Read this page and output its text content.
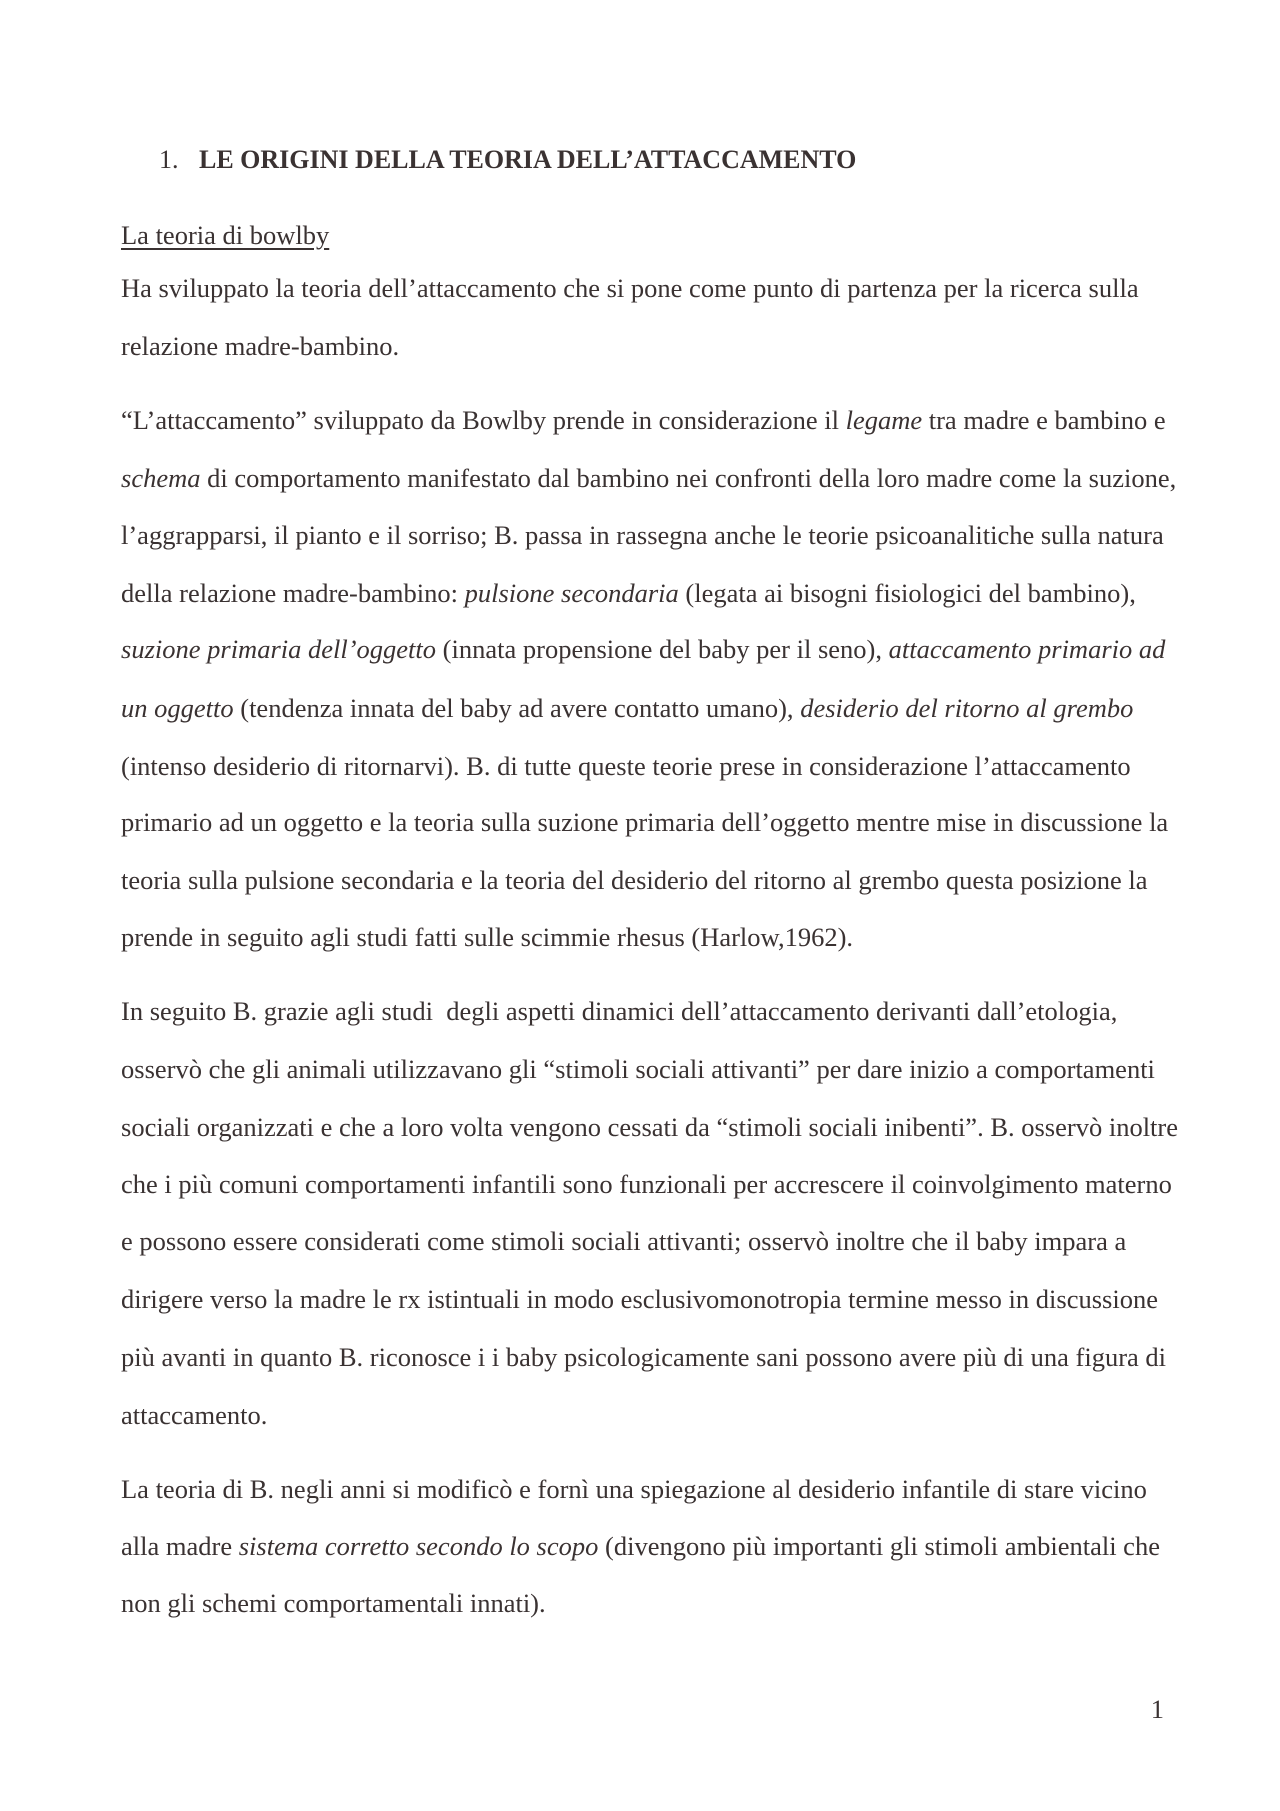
1. LE ORIGINI DELLA TEORIA DELL’ATTACCAMENTO
La teoria di bowlby
Ha sviluppato la teoria dell’attaccamento che si pone come punto di partenza per la ricerca sulla
relazione madre-bambino.
“L’attaccamento” sviluppato da Bowlby prende in considerazione il legame tra madre e bambino e
schema di comportamento manifestato dal bambino nei confronti della loro madre come la suzione,
l’aggrapparsi, il pianto e il sorriso; B. passa in rassegna anche le teorie psicoanalitiche sulla natura
della relazione madre-bambino: pulsione secondaria (legata ai bisogni fisiologici del bambino),
suzione primaria dell’oggetto (innata propensione del baby per il seno), attaccamento primario ad
un oggetto (tendenza innata del baby ad avere contatto umano), desiderio del ritorno al grembo
(intenso desiderio di ritornarvi). B. di tutte queste teorie prese in considerazione l’attaccamento
primario ad un oggetto e la teoria sulla suzione primaria dell’oggetto mentre mise in discussione la
teoria sulla pulsione secondaria e la teoria del desiderio del ritorno al grembo questa posizione la
prende in seguito agli studi fatti sulle scimmie rhesus (Harlow,1962).
In seguito B. grazie agli studi  degli aspetti dinamici dell’attaccamento derivanti dall’etologia,
osservò che gli animali utilizzavano gli “stimoli sociali attivanti” per dare inizio a comportamenti
sociali organizzati e che a loro volta vengono cessati da “stimoli sociali inibenti”. B. osservò inoltre
che i più comuni comportamenti infantili sono funzionali per accrescere il coinvolgimento materno
e possono essere considerati come stimoli sociali attivanti; osservò inoltre che il baby impara a
dirigere verso la madre le rx istintuali in modo esclusivomonotropia termine messo in discussione
più avanti in quanto B. riconosce i i baby psicologicamente sani possono avere più di una figura di
attaccamento.
La teoria di B. negli anni si modificò e fornì una spiegazione al desiderio infantile di stare vicino
alla madre sistema corretto secondo lo scopo (divengono più importanti gli stimoli ambientali che
non gli schemi comportamentali innati).
1
